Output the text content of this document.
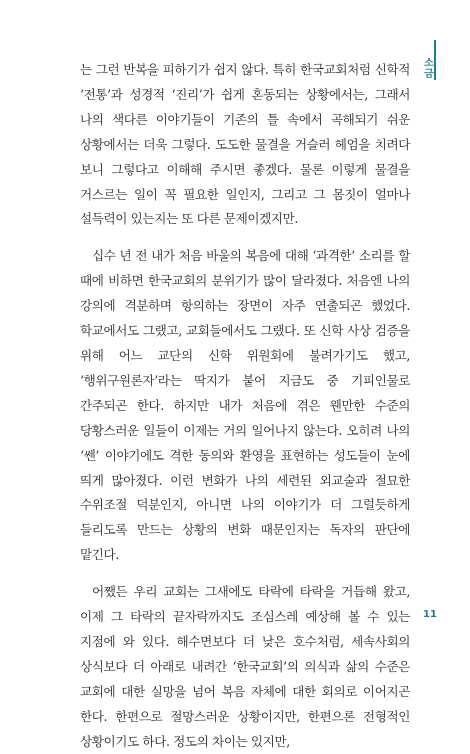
소
금

는 그런 반복을 피하기가 쉽지 않다. 특히 한국교회처럼 신학적 ‘전통’과 성경적 ‘진리’가 쉽게 혼동되는 상황에서는, 그래서 나의 색다른 이야기들이 기존의 틀 속에서 곡해되기 쉬운 상황에서는 더욱 그렇다. 도도한 물결을 거슬러 헤엄을 치려다 보니 그렇다고 이해해 주시면 좋겠다. 물론 이렇게 물결을 거스르는 일이 꼭 필요한 일인지, 그리고 그 몸짓이 얼마나 설득력이 있는지는 또 다른 문제이겠지만.

십수 년 전 내가 처음 바울의 복음에 대해 ‘과격한’ 소리를 할 때에 비하면 한국교회의 분위기가 많이 달라졌다. 처음엔 나의 강의에 격분하며 항의하는 장면이 자주 연출되곤 했었다. 학교에서도 그랬고, 교회들에서도 그랬다. 또 신학 사상 검증을 위해 어느 교단의 신학 위원회에 불려가기도 했고, ‘행위구원론자’라는 딱지가 붙어 지금도 중 기피인물로 간주되곤 한다. 하지만 내가 처음에 겪은 웬만한 수준의 당황스러운 일들이 이제는 거의 일어나지 않는다. 오히려 나의 ‘쎈’ 이야기에도 격한 동의와 환영을 표현하는 성도들이 눈에 띄게 많아졌다. 이런 변화가 나의 세련된 외교술과 절묘한 수위조절 덕분인지, 아니면 나의 이야기가 더 그럴듯하게 들리도록 만드는 상황의 변화 때문인지는 독자의 판단에 맡긴다.

어쨌든 우리 교회는 그새에도 타락에 타락을 거듭해 왔고, 이제 그 타락의 끝자락까지도 조심스레 예상해 볼 수 있는 지점에 와 있다. 해수면보다 더 낮은 호수처럼, 세속사회의 상식보다 더 아래로 내려간 ‘한국교회’의 의식과 삶의 수준은 교회에 대한 실망을 넘어 복음 자체에 대한 회의로 이어지곤 한다. 한편으로 절망스러운 상황이지만, 한편으론 전형적인 상황이기도 하다. 정도의 차이는 있지만,

11
